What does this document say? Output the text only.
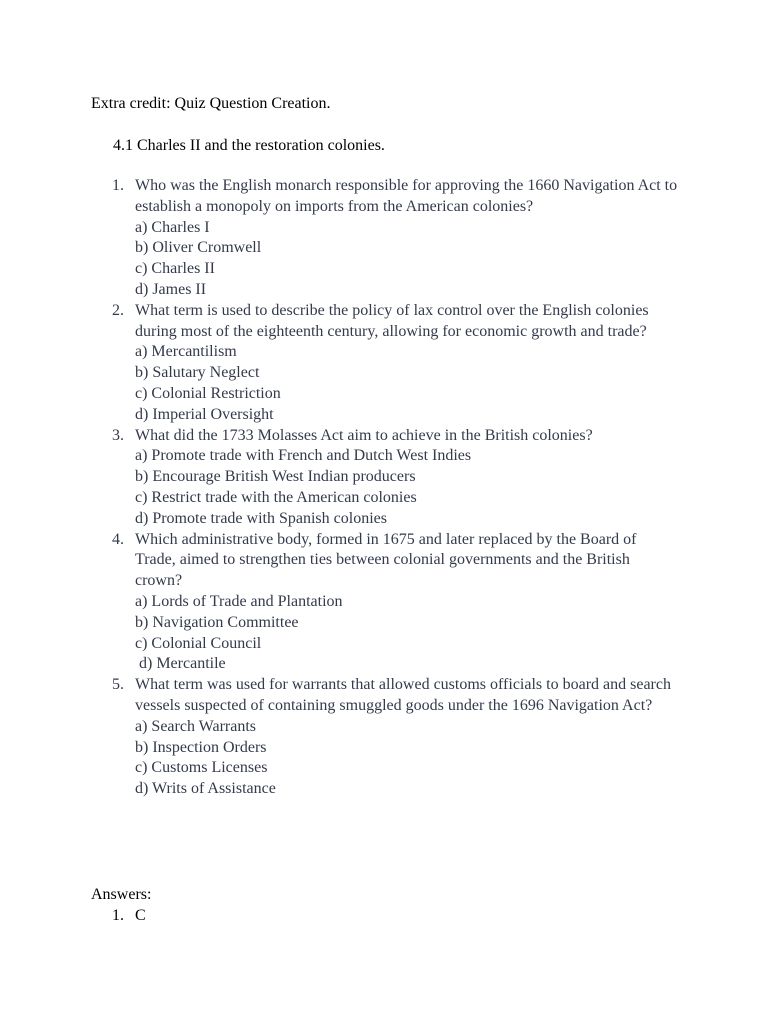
Extra credit: Quiz Question Creation.
4.1 Charles II and the restoration colonies.
1. Who was the English monarch responsible for approving the 1660 Navigation Act to establish a monopoly on imports from the American colonies?
a) Charles I
b) Oliver Cromwell
c) Charles II
d) James II
2. What term is used to describe the policy of lax control over the English colonies during most of the eighteenth century, allowing for economic growth and trade?
a) Mercantilism
b) Salutary Neglect
c) Colonial Restriction
d) Imperial Oversight
3. What did the 1733 Molasses Act aim to achieve in the British colonies?
a) Promote trade with French and Dutch West Indies
b) Encourage British West Indian producers
c) Restrict trade with the American colonies
d) Promote trade with Spanish colonies
4. Which administrative body, formed in 1675 and later replaced by the Board of Trade, aimed to strengthen ties between colonial governments and the British crown?
a) Lords of Trade and Plantation
b) Navigation Committee
c) Colonial Council
d) Mercantile
5. What term was used for warrants that allowed customs officials to board and search vessels suspected of containing smuggled goods under the 1696 Navigation Act?
a) Search Warrants
b) Inspection Orders
c) Customs Licenses
d) Writs of Assistance
Answers:
1. C
